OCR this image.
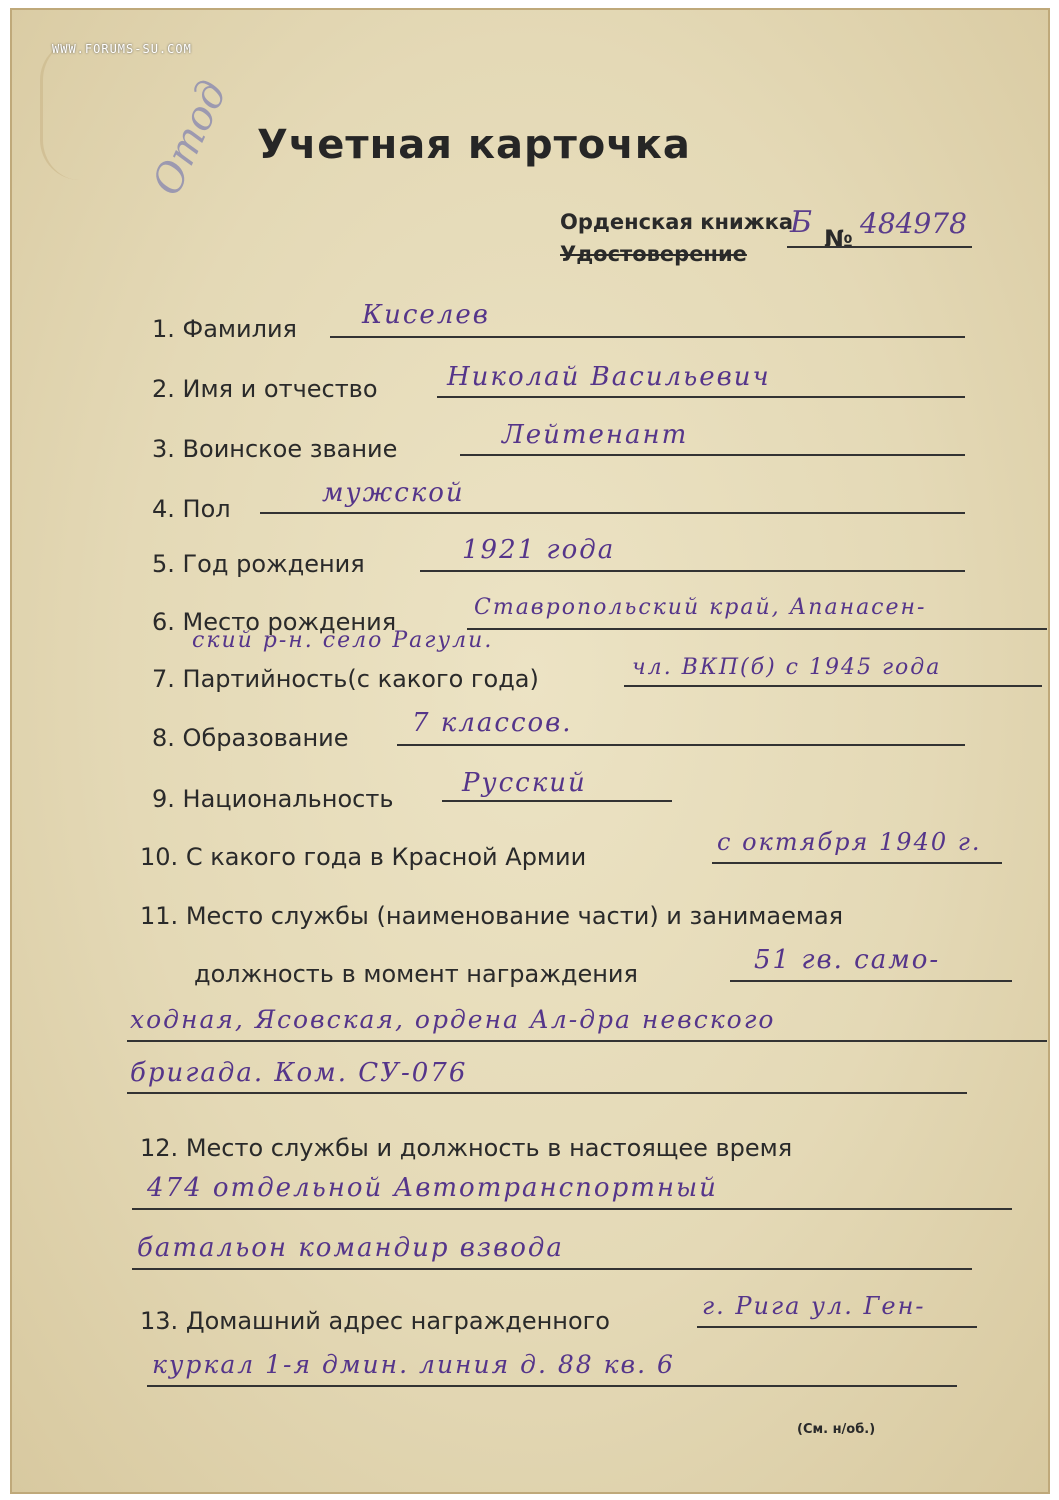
WWW.FORUMS-SU.COM
Отод Учетная карточка
Орденская книжка
Удостоверение
Б № 484978
1. Фамилия	Киселев
2. Имя и отчество	Николай Васильевич
3. Воинское звание	Лейтенант
4. Пол
мужской
5. Год рождения	1921 года
6. Место рождения
Ставропольский край, Апанасен-
ский р-н. село Рагули.
7. Партийность(с какого года)	чл. ВКП(б) с 1945 года
8. Образование 7 классов.
9. Национальность
Русский
10. С какого года в Красной Армии
с октября 1940 г.
11. Место службы (наименование части) и занимаемая
должность в момент награждения	51 гв. само-
ходная, Ясовская, ордена Ал-дра невского
бригада. Ком. СУ-076
12. Место службы и должность в настоящее время
474 отдельной Автотранспортный
батальон командир взвода
13. Домашний адрес награжденного
г. Рига ул. Ген-
куркал 1-я дмин. линия д. 88 кв. 6
(См. н/об.)
